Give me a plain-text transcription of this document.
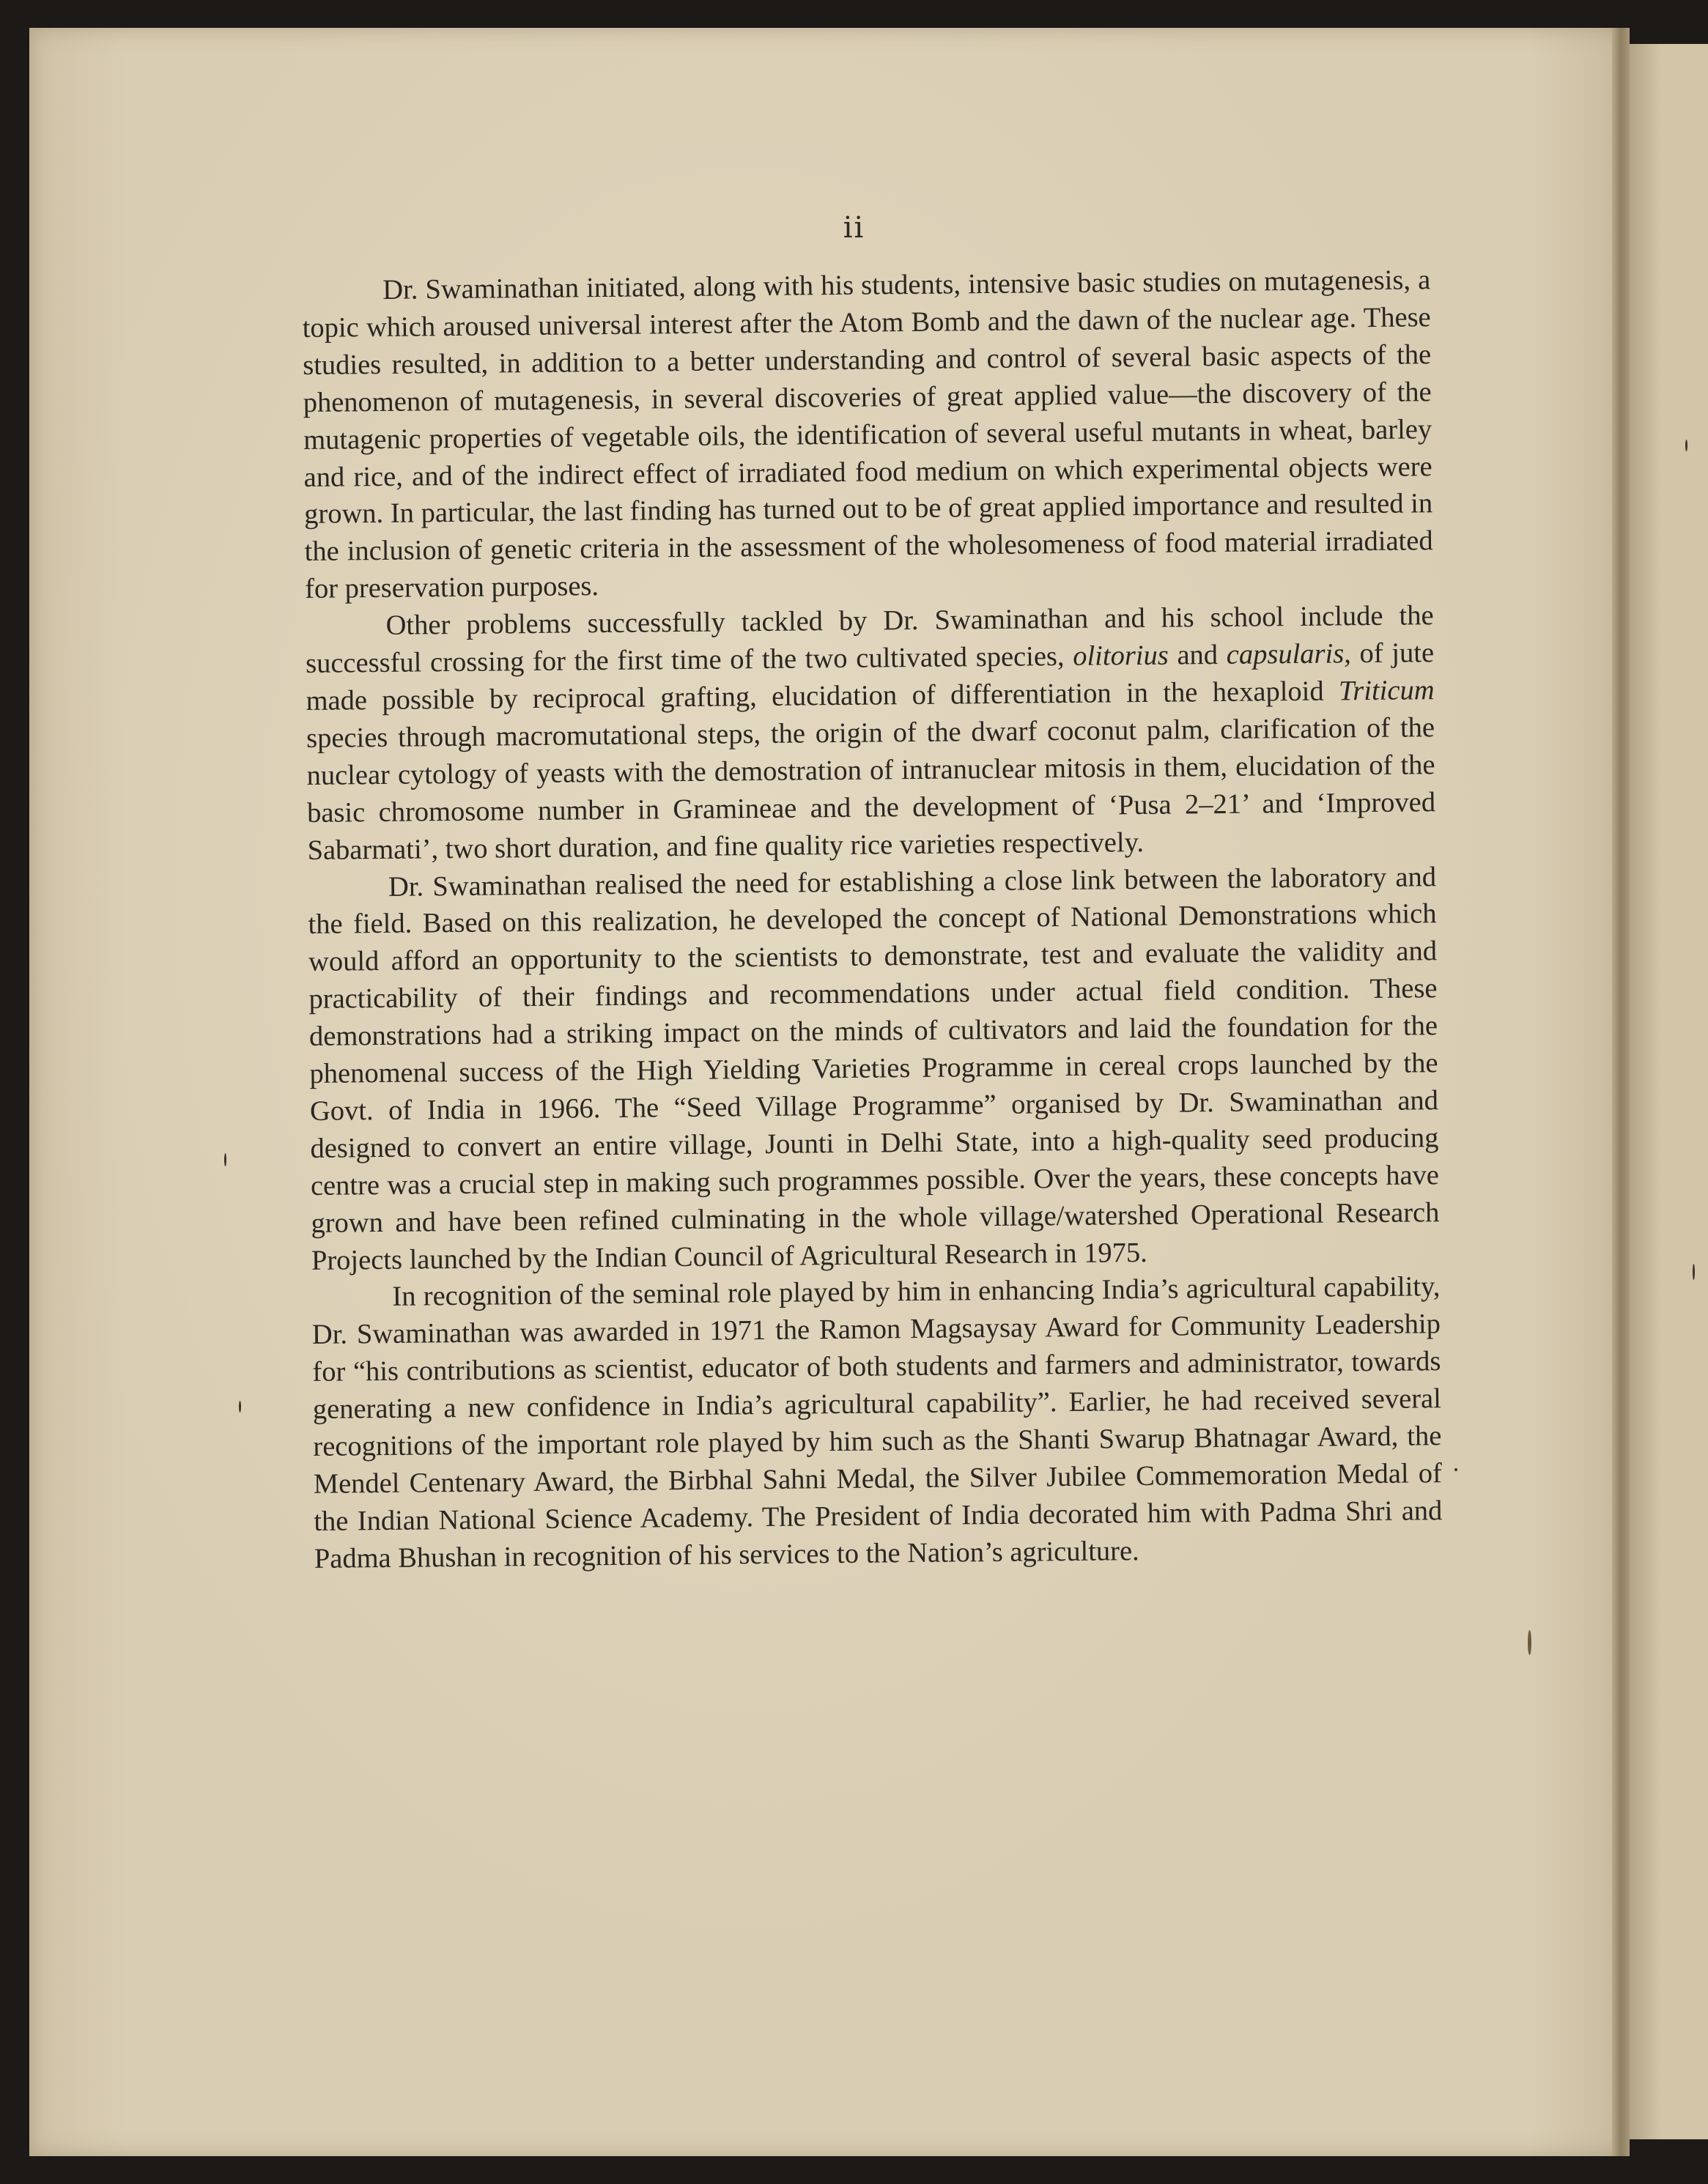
ii

Dr. Swaminathan initiated, along with his students, intensive basic studies on mutagenesis, a topic which aroused universal interest after the Atom Bomb and the dawn of the nuclear age. These studies resulted, in addition to a better understanding and control of several basic aspects of the phenomenon of mutagenesis, in several discoveries of great applied value—the discovery of the mutagenic properties of vegetable oils, the identification of several useful mutants in wheat, barley and rice, and of the indirect effect of irradiated food medium on which experimental objects were grown. In particular, the last finding has turned out to be of great applied importance and resulted in the inclusion of genetic criteria in the assessment of the wholesomeness of food material irradiated for preservation purposes.

Other problems successfully tackled by Dr. Swaminathan and his school include the successful crossing for the first time of the two cultivated species, olitorius and capsularis, of jute made possible by reciprocal grafting, elucidation of differentiation in the hexaploid Triticum species through macromutational steps, the origin of the dwarf coconut palm, clarification of the nuclear cytology of yeasts with the demostration of intranuclear mitosis in them, elucidation of the basic chromosome number in Gramineae and the development of ‘Pusa 2–21’ and ‘Improved Sabarmati’, two short duration, and fine quality rice varieties respectively.

Dr. Swaminathan realised the need for establishing a close link between the laboratory and the field. Based on this realization, he developed the concept of National Demonstrations which would afford an opportunity to the scientists to demonstrate, test and evaluate the validity and practicability of their findings and recommendations under actual field condition. These demonstrations had a striking impact on the minds of cultivators and laid the foundation for the phenomenal success of the High Yielding Varieties Programme in cereal crops launched by the Govt. of India in 1966. The “Seed Village Programme” organised by Dr. Swaminathan and designed to convert an entire village, Jounti in Delhi State, into a high-quality seed producing centre was a crucial step in making such programmes possible. Over the years, these concepts have grown and have been refined culminating in the whole village/watershed Operational Research Projects launched by the Indian Council of Agricultural Research in 1975.

In recognition of the seminal role played by him in enhancing India’s agricultural capability, Dr. Swaminathan was awarded in 1971 the Ramon Magsaysay Award for Community Leadership for “his contributions as scientist, educator of both students and farmers and administrator, towards generating a new confidence in India’s agricultural capability”. Earlier, he had received several recognitions of the important role played by him such as the Shanti Swarup Bhatnagar Award, the Mendel Centenary Award, the Birbhal Sahni Medal, the Silver Jubilee Commemoration Medal of the Indian National Science Academy. The President of India decorated him with Padma Shri and Padma Bhushan in recognition of his services to the Nation’s agriculture.
